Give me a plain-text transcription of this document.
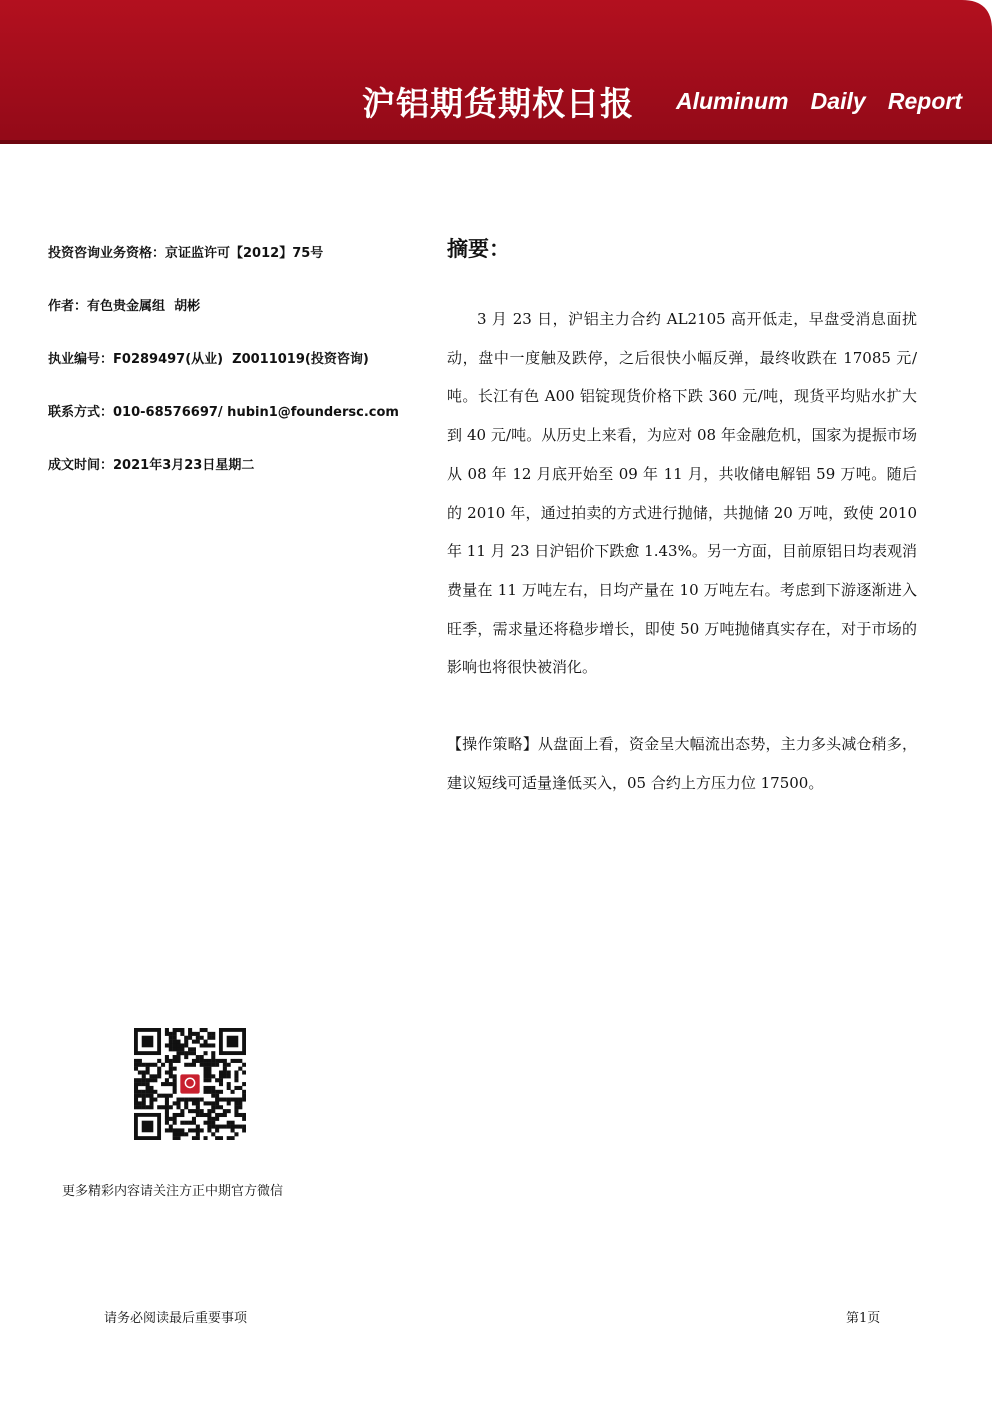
沪铝期货期权日报 Aluminum Daily Report
投资咨询业务资格：京证监许可【2012】75号
作者：有色贵金属组  胡彬
执业编号：F0289497(从业)  Z0011019(投资咨询)
联系方式：010-68576697/ hubin1@foundersc.com
成文时间：2021年3月23日星期二
摘要：

3 月 23 日，沪铝主力合约 AL2105 高开低走，早盘受消息面扰动，盘中一度触及跌停，之后很快小幅反弹，最终收跌在 17085 元/吨。长江有色 A00 铝锭现货价格下跌 360 元/吨，现货平均贴水扩大到 40 元/吨。从历史上来看，为应对 08 年金融危机，国家为提振市场从 08 年 12 月底开始至 09 年 11 月，共收储电解铝 59 万吨。随后的 2010 年，通过拍卖的方式进行抛储，共抛储 20 万吨，致使 2010 年 11 月 23 日沪铝价下跌愈 1.43%。另一方面，目前原铝日均表观消费量在 11 万吨左右，日均产量在 10 万吨左右。考虑到下游逐渐进入旺季，需求量还将稳步增长，即使 50 万吨抛储真实存在，对于市场的影响也将很快被消化。

【操作策略】从盘面上看，资金呈大幅流出态势，主力多头减仓稍多，建议短线可适量逢低买入，05 合约上方压力位 17500。

更多精彩内容请关注方正中期官方微信
请务必阅读最后重要事项	第1页
